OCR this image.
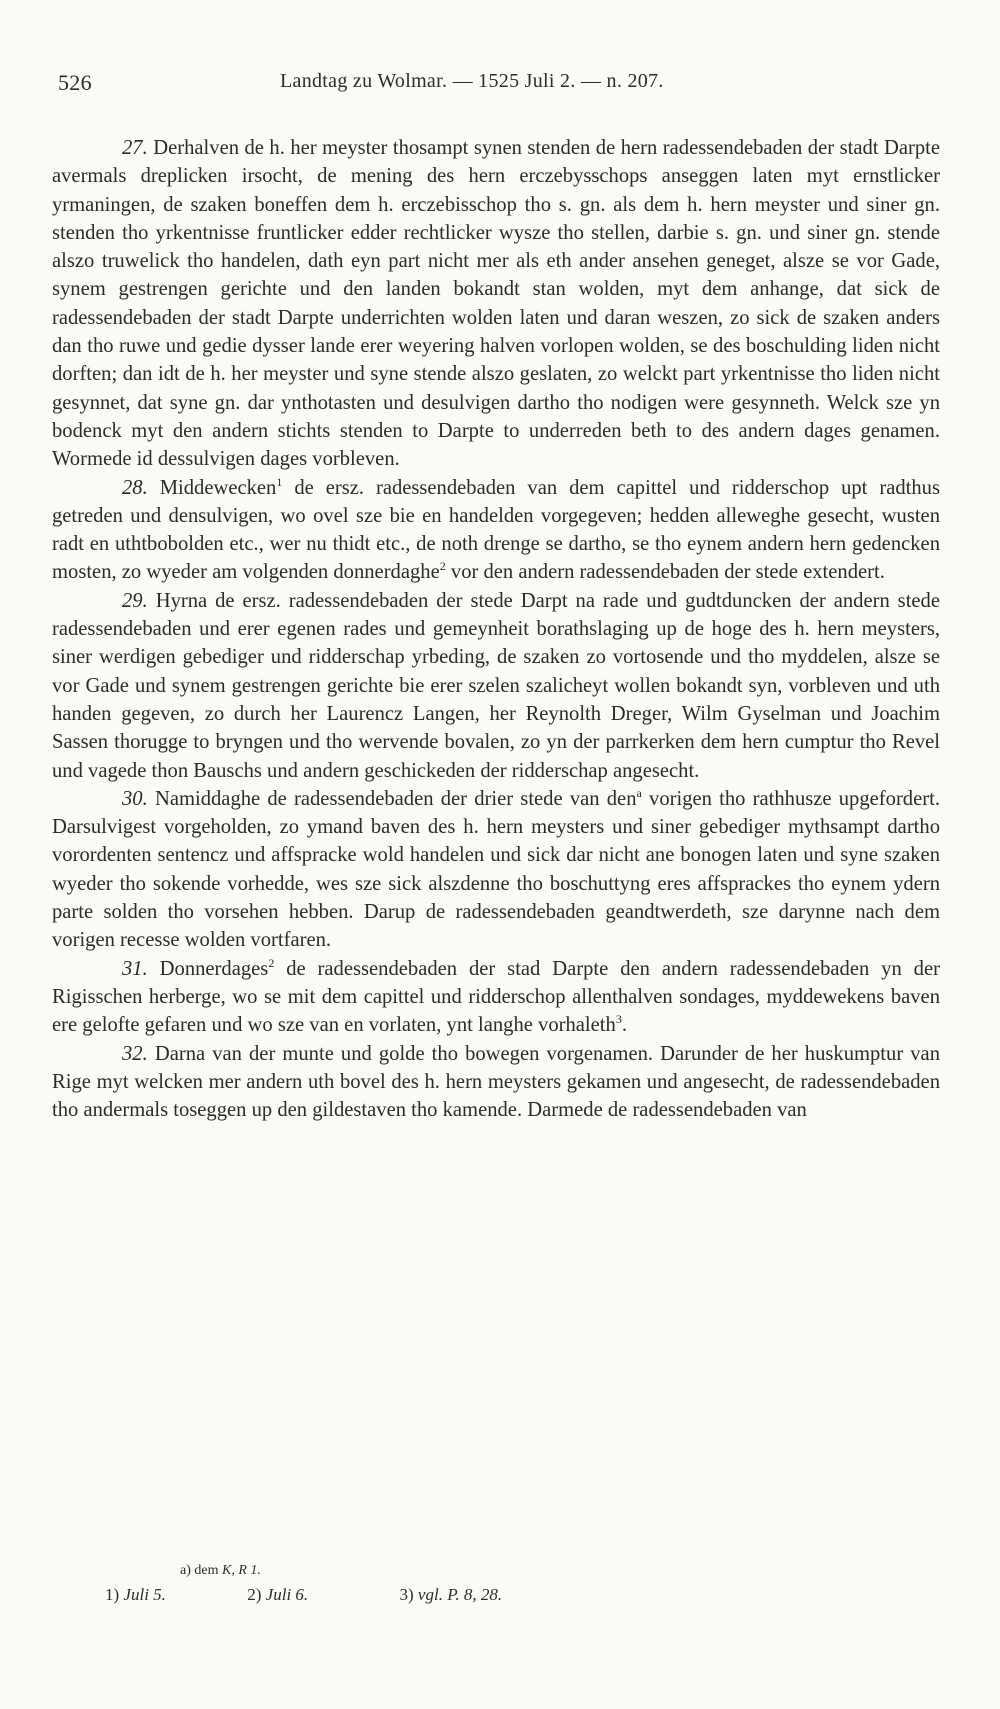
526	Landtag zu Wolmar. — 1525 Juli 2. — n. 207.

27. Derhalven de h. her meyster thosampt synen stenden de hern radessendebaden der stadt Darpte avermals dreplicken irsocht, de mening des hern erczebysschops anseggen laten myt ernstlicker yrmaningen, de szaken boneffen dem h. erczebisschop tho s. gn. als dem h. hern meyster und siner gn. stenden tho yrkentnisse fruntlicker edder rechtlicker wysze tho stellen, darbie s. gn. und siner gn. stende alszo truwelick tho handelen, dath eyn part nicht mer als eth ander ansehen geneget, alsze se vor Gade, synem gestrengen gerichte und den landen bokandt stan wolden, myt dem anhange, dat sick de radessendebaden der stadt Darpte underrichten wolden laten und daran weszen, zo sick de szaken anders dan tho ruwe und gedie dysser lande erer weyering halven vorlopen wolden, se des boschulding liden nicht dorften; dan idt de h. her meyster und syne stende alszo geslaten, zo welckt part yrkentnisse tho liden nicht gesynnet, dat syne gn. dar ynthotasten und desulvigen dartho tho nodigen were gesynneth. Welck sze yn bodenck myt den andern stichts stenden to Darpte to underreden beth to des andern dages genamen. Wormede id dessulvigen dages vorbleven.

28. Middewecken$^1$ de ersz. radessendebaden van dem capittel und ridderschop upt radthus getreden und densulvigen, wo ovel sze bie en handelden vorgegeven; hedden alleweghe gesecht, wusten radt en uthtbobolden etc., wer nu thidt etc., de noth drenge se dartho, se tho eynem andern hern gedencken mosten, zo wyeder am volgenden donnerdaghe$^2$ vor den andern radessendebaden der stede extendert.

29. Hyrna de ersz. radessendebaden der stede Darpt na rade und gudtduncken der andern stede radessendebaden und erer egenen rades und gemeynheit borathslaging up de hoge des h. hern meysters, siner werdigen gebediger und ridderschap yrbeding, de szaken zo vortosende und tho myddelen, alsze se vor Gade und synem gestrengen gerichte bie erer szelen szalicheyt wollen bokandt syn, vorbleven und uth handen gegeven, zo durch her Laurencz Langen, her Reynolth Dreger, Wilm Gyselman und Joachim Sassen thorugge to bryngen und tho wervende bovalen, zo yn der parrkerken dem hern cumptur tho Revel und vagede thon Bauschs und andern geschickeden der ridderschap angesecht.

30. Namiddaghe de radessendebaden der drier stede van den$^a$ vorigen tho rathhusze upgefordert. Darsulvigest vorgeholden, zo ymand baven des h. hern meysters und siner gebediger mythsampt dartho vorordenten sentencz und affspracke wold handelen und sick dar nicht ane bonogen laten und syne szaken wyeder tho sokende vorhedde, wes sze sick alszdenne tho boschuttyng eres affsprackes tho eynem ydern parte solden tho vorsehen hebben. Darup de radessendebaden geandtwerdeth, sze darynne nach dem vorigen recesse wolden vortfaren.

31. Donnerdages$^2$ de radessendebaden der stad Darpte den andern radessendebaden yn der Rigisschen herberge, wo se mit dem capittel und ridderschop allenthalven sondages, myddewekens baven ere gelofte gefaren und wo sze van en vorlaten, ynt langhe vorhaleth$^3$.

32. Darna van der munte und golde tho bowegen vorgenamen. Darunder de her huskumptur van Rige myt welcken mer andern uth bovel des h. hern meysters gekamen und angesecht, de radessendebaden tho andermals toseggen up den gildestaven tho kamende. Darmede de radessendebaden van

a) dem K, R 1.
1) Juli 5.	2) Juli 6.	3) vgl. P. 8, 28.
